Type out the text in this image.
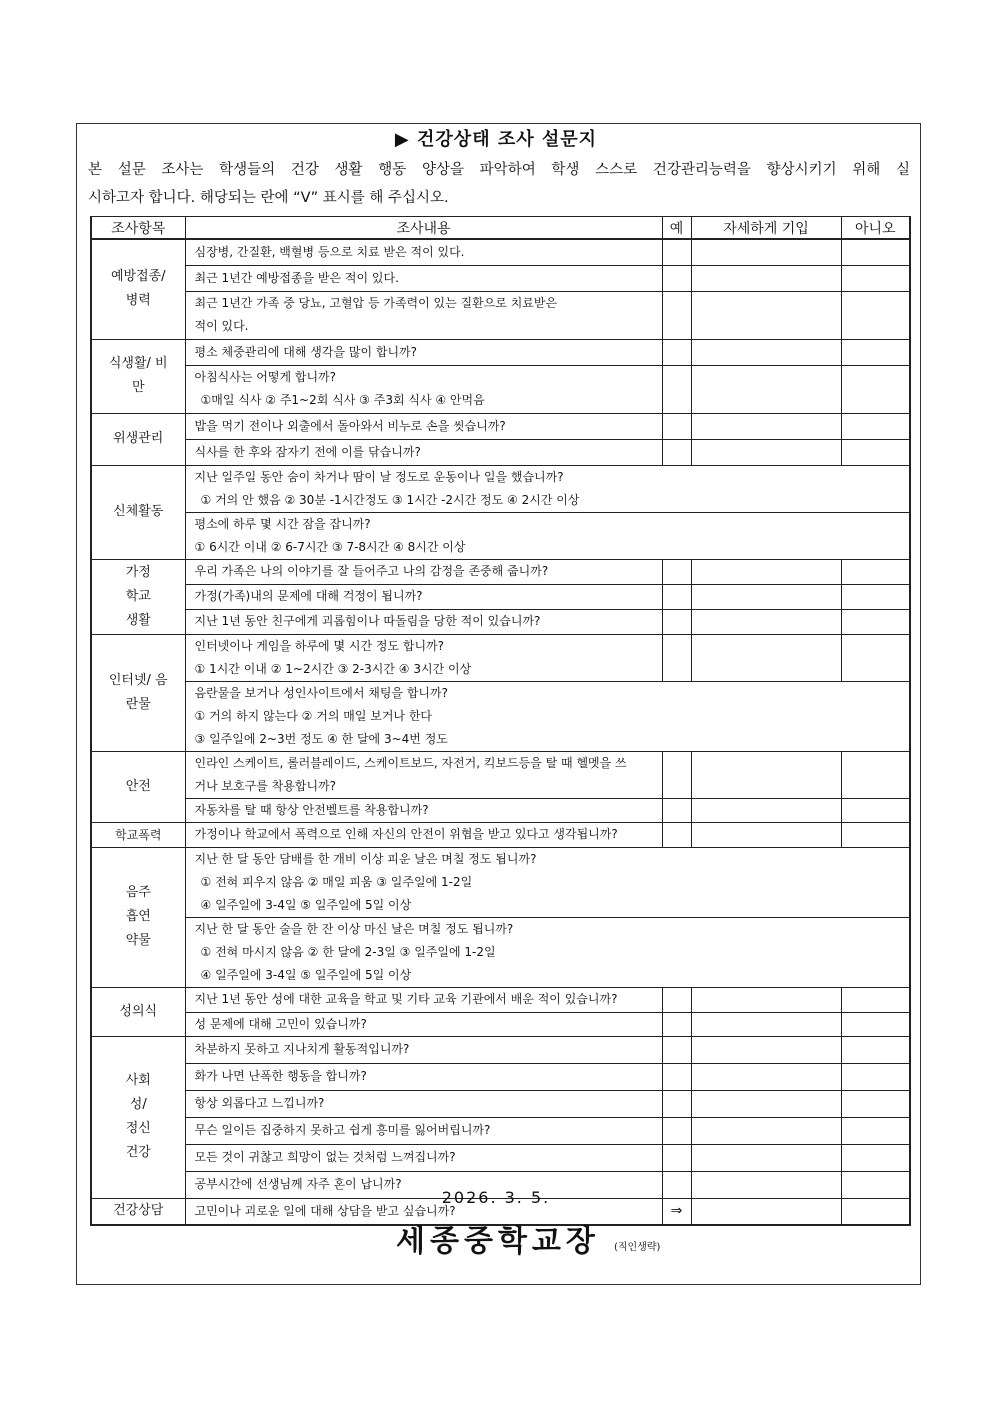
▶ 건강상태 조사 설문지
본 설문 조사는 학생들의 건강 생활 행동 양상을 파악하여 학생 스스로 건강관리능력을 향상시키기 위해 실
시하고자 합니다. 해당되는 란에 “V” 표시를 해 주십시오.
조사항목	조사내용	예	자세하게 기입	아니오
예방접종/ 병력	심장병, 간질환, 백혈병 등으로 치료 받은 적이 있다.			
	최근 1년간 예방접종을 받은 적이 있다.			

	최근 1년간 가족 중 당뇨, 고혈압 등 가족력이 있는 질환으로 치료받은
적이 있다.			

식생활/ 비만	평소 체중관리에 대해 생각을 많이 합니까?			

	아침식사는 어떻게 합니까?
①매일 식사 ② 주1~2회 식사 ③ 주3회 식사 ④ 안먹음			

위생관리	밥을 먹기 전이나 외출에서 돌아와서 비누로 손을 씻습니까?			
	식사를 한 후와 잠자기 전에 이를 닦습니까?			
신체활동	지난 일주일 동안 숨이 차거나 땀이 날 정도로 운동이나 일을 했습니까?
① 거의 안 했음 ② 30분 -1시간정도 ③ 1시간 -2시간 정도 ④ 2시간 이상			

	평소에 하루 몇 시간 잠을 잡니까?
① 6시간 이내 ② 6-7시간 ③ 7-8시간 ④ 8시간 이상			

가정 학교 생활	우리 가족은 나의 이야기를 잘 들어주고 나의 감정을 존중해 줍니까?			
	가정(가족)내의 문제에 대해 걱정이 됩니까?			
	지난 1년 동안 친구에게 괴롭힘이나 따돌림을 당한 적이 있습니까?			
인터넷/ 음란물	인터넷이나 게임을 하루에 몇 시간 정도 합니까?
① 1시간 이내 ② 1~2시간 ③ 2-3시간 ④ 3시간 이상			

	음란물을 보거나 성인사이트에서 채팅을 합니까?
① 거의 하지 않는다 ② 거의 매일 보거나 한다
③ 일주일에 2~3번 정도 ④ 한 달에 3~4번 정도			

안전	인라인 스케이트, 롤러블레이드, 스케이트보드, 자전거, 킥보드등을 탈 때 헬멧을 쓰
거나 보호구를 착용합니까?			

	자동차를 탈 때 항상 안전벨트를 착용합니까?			
학교폭력	가정이나 학교에서 폭력으로 인해 자신의 안전이 위협을 받고 있다고 생각됩니까?			
음주 흡연 약물	지난 한 달 동안 담배를 한 개비 이상 피운 날은 며칠 정도 됩니까?
① 전혀 피우지 않음 ② 매일 피움 ③ 일주일에 1-2일
④ 일주일에 3-4일 ⑤ 일주일에 5일 이상			

	지난 한 달 동안 술을 한 잔 이상 마신 날은 며칠 정도 됩니까?
① 전혀 마시지 않음 ② 한 달에 2-3일 ③ 일주일에 1-2일
④ 일주일에 3-4일 ⑤ 일주일에 5일 이상			

성의식	지난 1년 동안 성에 대한 교육을 학교 및 기타 교육 기관에서 배운 적이 있습니까?			
	성 문제에 대해 고민이 있습니까?			
사회 성/ 정신 건강	차분하지 못하고 지나치게 활동적입니까?			
	화가 나면 난폭한 행동을 합니까?			
	항상 외롭다고 느낍니까?			
	무슨 일이든 집중하지 못하고 쉽게 흥미를 잃어버립니까?			
	모든 것이 귀찮고 희망이 없는 것처럼 느껴집니까?			
	공부시간에 선생님께 자주 혼이 납니까?			
건강상담	고민이나 괴로운 일에 대해 상담을 받고 싶습니까?	⇒		
2026. 3. 5.
세종중학교장 (직인생략)
